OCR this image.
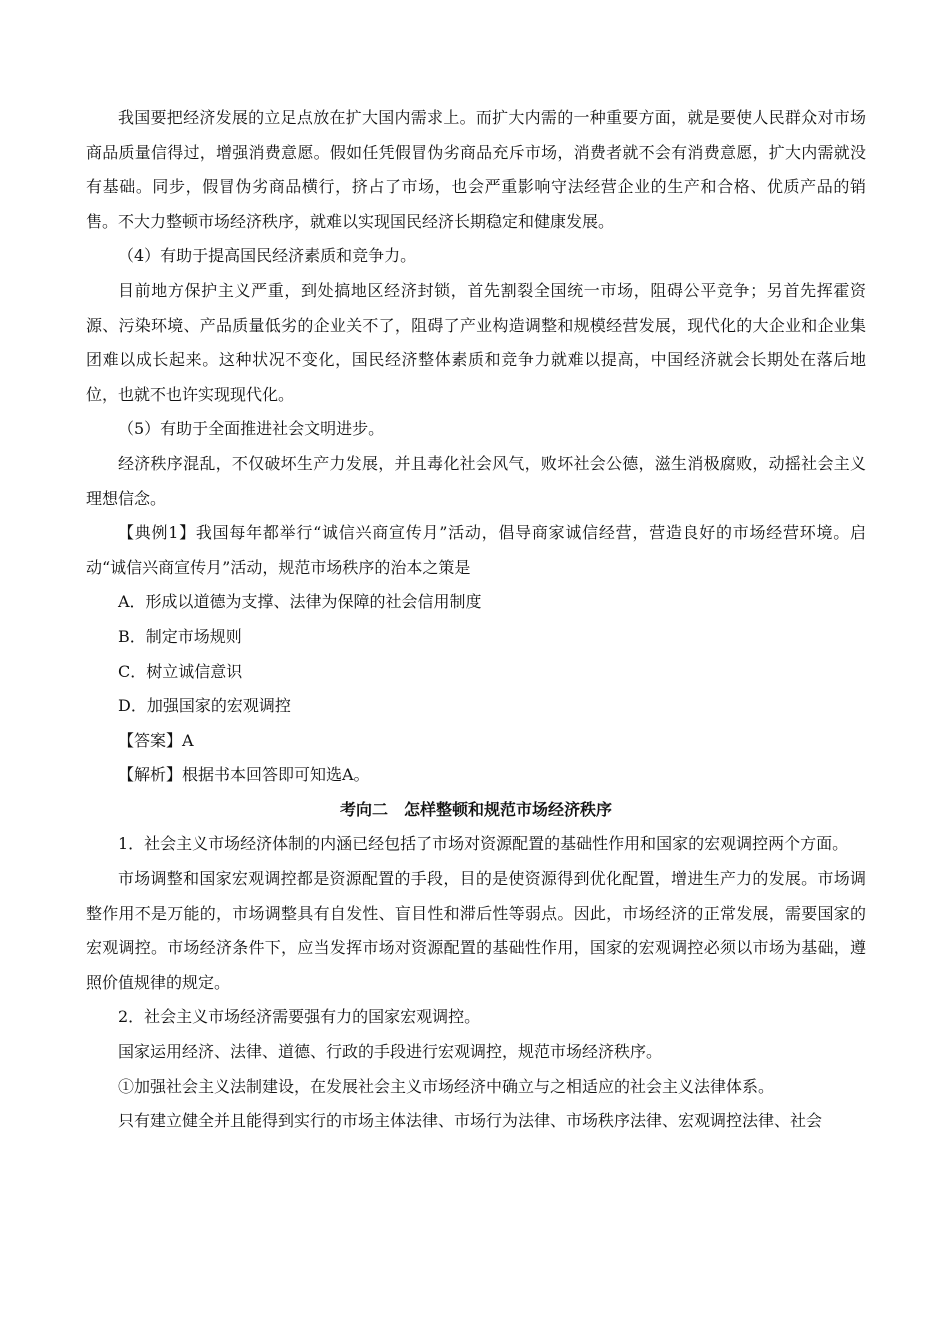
我国要把经济发展的立足点放在扩大国内需求上。而扩大内需的一种重要方面，就是要使人民群众对市场商品质量信得过，增强消费意愿。假如任凭假冒伪劣商品充斥市场，消费者就不会有消费意愿，扩大内需就没有基础。同步，假冒伪劣商品横行，挤占了市场，也会严重影响守法经营企业的生产和合格、优质产品的销售。不大力整顿市场经济秩序，就难以实现国民经济长期稳定和健康发展。

（4）有助于提高国民经济素质和竞争力。

目前地方保护主义严重，到处搞地区经济封锁，首先割裂全国统一市场，阻碍公平竞争；另首先挥霍资源、污染环境、产品质量低劣的企业关不了，阻碍了产业构造调整和规模经营发展，现代化的大企业和企业集团难以成长起来。这种状况不变化，国民经济整体素质和竞争力就难以提高，中国经济就会长期处在落后地位，也就不也许实现现代化。

（5）有助于全面推进社会文明进步。

经济秩序混乱，不仅破坏生产力发展，并且毒化社会风气，败坏社会公德，滋生消极腐败，动摇社会主义理想信念。

【典例1】我国每年都举行“诚信兴商宣传月”活动，倡导商家诚信经营，营造良好的市场经营环境。启动“诚信兴商宣传月”活动，规范市场秩序的治本之策是

A．形成以道德为支撑、法律为保障的社会信用制度

B．制定市场规则

C．树立诚信意识

D．加强国家的宏观调控

【答案】A

【解析】根据书本回答即可知选A。

考向二　怎样整顿和规范市场经济秩序

1．社会主义市场经济体制的内涵已经包括了市场对资源配置的基础性作用和国家的宏观调控两个方面。

市场调整和国家宏观调控都是资源配置的手段，目的是使资源得到优化配置，增进生产力的发展。市场调整作用不是万能的，市场调整具有自发性、盲目性和滞后性等弱点。因此，市场经济的正常发展，需要国家的宏观调控。市场经济条件下，应当发挥市场对资源配置的基础性作用，国家的宏观调控必须以市场为基础，遵照价值规律的规定。

2．社会主义市场经济需要强有力的国家宏观调控。

国家运用经济、法律、道德、行政的手段进行宏观调控，规范市场经济秩序。

①加强社会主义法制建设，在发展社会主义市场经济中确立与之相适应的社会主义法律体系。

只有建立健全并且能得到实行的市场主体法律、市场行为法律、市场秩序法律、宏观调控法律、社会
